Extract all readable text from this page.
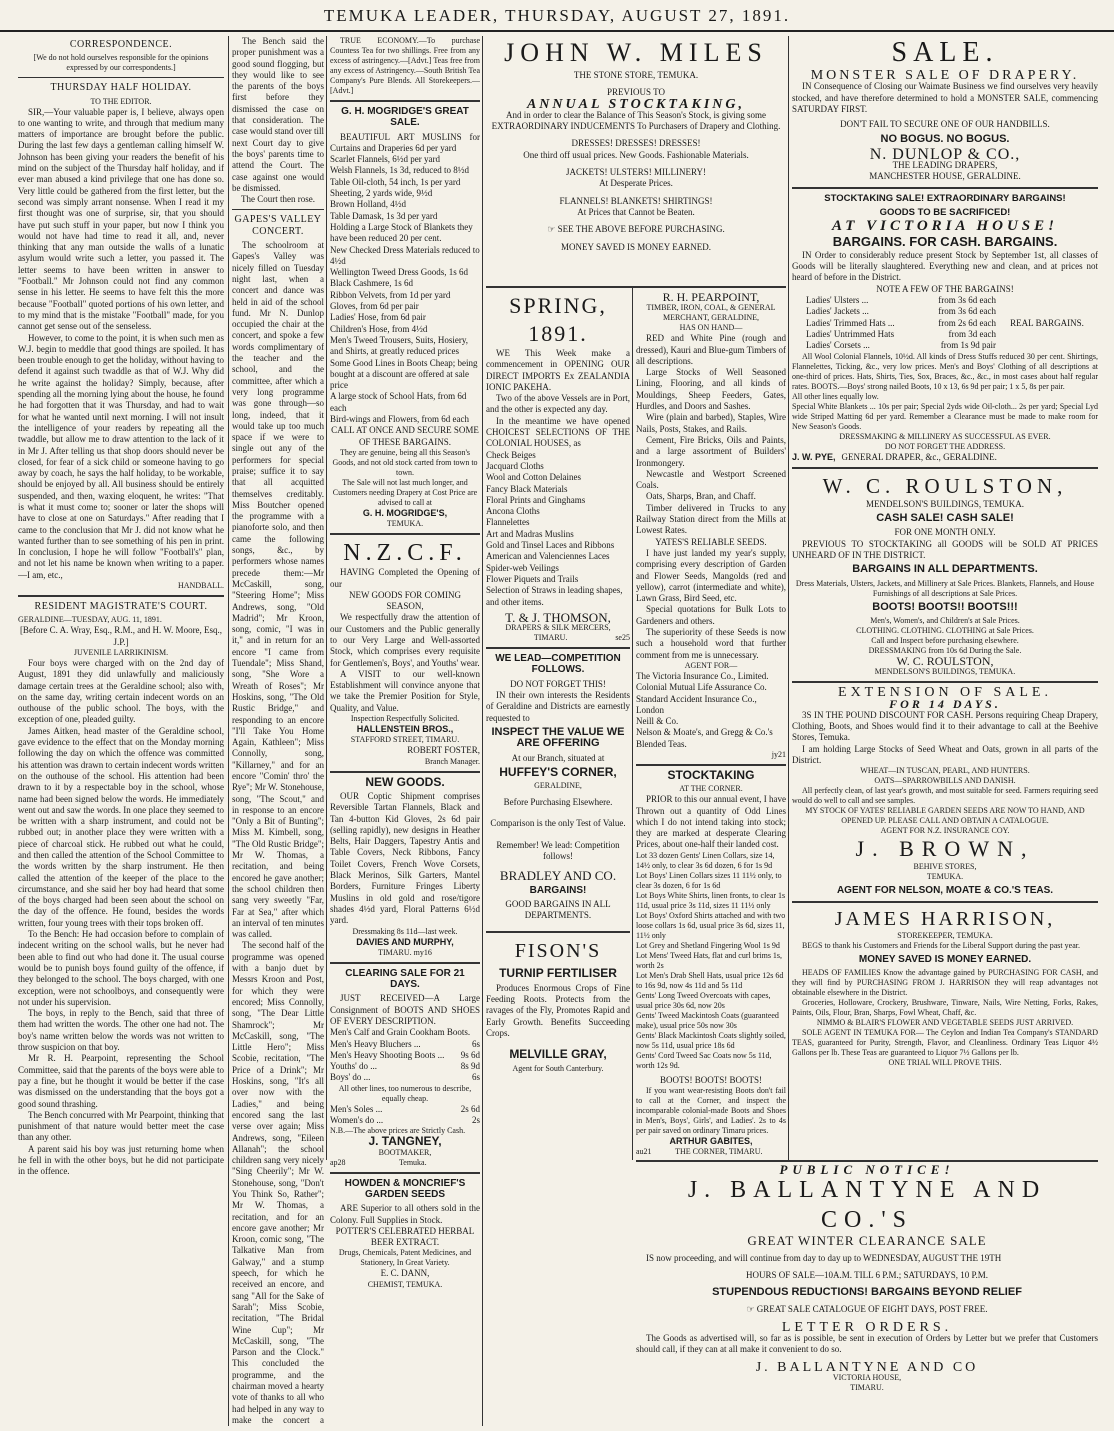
TEMUKA LEADER, THURSDAY, AUGUST 27, 1891.
CORRESPONDENCE.
[We do not hold ourselves responsible for the opinions expressed by our correspondents.]
THURSDAY HALF HOLIDAY.
TO THE EDITOR.

SIR,—Your valuable paper is, I believe, always open to one wanting to write, and through that medium many matters of importance are brought before the public. During the last few days a gentleman calling himself W. Johnson has been giving your readers the benefit of his mind on the subject of the Thursday half holiday, and if ever man abused a kind privilege that one has done so. Very little could be gathered from the first letter, but the second was simply arrant nonsense. When I read it my first thought was one of surprise, sir, that you should have put such stuff in your paper, but now I think you would not have had time to read it all, and, never thinking that any man outside the walls of a lunatic asylum would write such a letter, you passed it. The letter seems to have been written in answer to "Football." Mr Johnson could not find any common sense in his letter. He seems to have felt this the more because "Football" quoted portions of his own letter, and to my mind that is the mistake "Football" made, for you cannot get sense out of the senseless.

However, to come to the point, it is when such men as W.J. begin to meddle that good things are spoiled. It has been trouble enough to get the holiday, without having to defend it against such twaddle as that of W.J. Why did he write against the holiday? Simply, because, after spending all the morning lying about the house, he found he had forgotten that it was Thursday, and had to wait for what he wanted until next morning. I will not insult the intelligence of your readers by repeating all the twaddle, but allow me to draw attention to the lack of it in Mr J. After telling us that shop doors should never be closed, for fear of a sick child or someone having to go away by coach, he says the half holiday, to be workable, should be enjoyed by all. All business should be entirely suspended, and then, waxing eloquent, he writes: "That is what it must come to; sooner or later the shops will have to close at one on Saturdays." After reading that I came to the conclusion that Mr J. did not know what he wanted further than to see something of his pen in print. In conclusion, I hope he will follow "Football's" plan, and not let his name be known when writing to a paper.—I am, etc.,

HANDBALL.
RESIDENT MAGISTRATE'S COURT.
GERALDINE—TUESDAY, AUG. 11, 1891.
[Before C. A. Wray, Esq., R.M., and H. W. Moore, Esq., J.P.]
JUVENILE LARRIKINISM.

Four boys were charged with on the 2nd day of August, 1891 they did unlawfully and maliciously damage certain trees at the Geraldine school; also with, on the same day, writing certain indecent words on an outhouse of the public school. The boys, with the exception of one, pleaded guilty.

James Aitken, head master of the Geraldine school, gave evidence to the effect that on the Monday morning following the day on which the offence was committed his attention was drawn to certain indecent words written on the outhouse of the school. His attention had been drawn to it by a respectable boy in the school, whose name had been signed below the words. He immediately went out and saw the words. In one place they seemed to be written with a sharp instrument, and could not be rubbed out; in another place they were written with a piece of charcoal stick. He rubbed out what he could, and then called the attention of the School Committee to the words written by the sharp instrument. He then called the attention of the keeper of the place to the circumstance, and she said her boy had heard that some of the boys charged had been seen about the school on the day of the offence. He found, besides the words written, four young trees with their tops broken off.

To the Bench: He had occasion before to complain of indecent writing on the school walls, but he never had been able to find out who had done it. The usual course would be to punish boys found guilty of the offence, if they belonged to the school. The boys charged, with one exception, were not schoolboys, and consequently were not under his supervision.

The boys, in reply to the Bench, said that three of them had written the words. The other one had not. The boy's name written below the words was not written to throw suspicion on that boy.

Mr R. H. Pearpoint, representing the School Committee, said that the parents of the boys were able to pay a fine, but he thought it would be better if the case was dismissed on the understanding that the boys got a good sound thrashing.

The Bench concurred with Mr Pearpoint, thinking that punishment of that nature would better meet the case than any other.

A parent said his boy was just returning home when he fell in with the other boys, but he did not participate in the offence.

The Bench said the proper punishment was a good sound flogging, but they would like to see the parents of the boys first before they dismissed the case on that consideration. The case would stand over till next Court day to give the boys' parents time to attend the Court. The case against one would be dismissed.

The Court then rose.
GAPES'S VALLEY CONCERT.

The schoolroom at Gapes's Valley was nicely filled on Tuesday night last, when a concert and dance was held in aid of the school fund. Mr N. Dunlop occupied the chair at the concert, and spoke a few words complimentary of the teacher and the school, and the committee, after which a very long programme was gone through—so long, indeed, that it would take up too much space if we were to single out any of the performers for special praise; suffice it to say that all acquitted themselves creditably. Miss Boutcher opened the programme with a pianoforte solo, and then came the following songs, &c., by performers whose names precede them:—Mr McCaskill, song, "Steering Home"; Miss Andrews, song, "Old Madrid"; Mr Kroon, song, comic, "I was in it," and in return for an encore "I came from Tuendale"; Miss Shand, song, "She Wore a Wreath of Roses"; Mr Hoskins, song, "The Old Rustic Bridge," and responding to an encore "I'll Take You Home Again, Kathleen"; Miss Connolly, song, "Killarney," and for an encore "Comin' thro' the Rye"; Mr W. Stonehouse, song, "The Scout," and in response to an encore "Only a Bit of Bunting"; Miss M. Kimbell, song, "The Old Rustic Bridge"; Mr W. Thomas, a recitation, and being encored he gave another; the school children then sang very sweetly "Far, Far at Sea," after which an interval of ten minutes was called.

The second half of the programme was opened with a banjo duet by Messrs Kroon and Post, for which they were encored; Miss Connolly, song, "The Dear Little Shamrock"; Mr McCaskill, song, "The Little Hero"; Miss Scobie, recitation, "The Price of a Drink"; Mr Hoskins, song, "It's all over now with the Ladies," and being encored sang the last verse over again; Miss Andrews, song, "Eileen Allanah"; the school children sang very nicely "Sing Cheerily"; Mr W. Stonehouse, song, "Don't You Think So, Rather"; Mr W. Thomas, a recitation, and for an encore gave another; Mr Kroon, comic song, "The Talkative Man from Galway," and a stump speech, for which he received an encore, and sang "All for the Sake of Sarah"; Miss Scobie, recitation, "The Bridal Wine Cup"; Mr McCaskill, song, "The Parson and the Clock." This concluded the programme, and the chairman moved a hearty vote of thanks to all who had helped in any way to make the concert a

TRUE ECONOMY.—To purchase Countess Tea for two shillings. Free from any excess of astringency.—[Advt.] Teas free from any excess of Astringency.—South British Tea Company's Pure Blends. All Storekeepers.—[Advt.]

G. H. MOGRIDGE'S GREAT SALE.

BEAUTIFUL ART MUSLINS for Curtains and Draperies 6d per yard

Scarlet Flannels, 6½d per yard
Welsh Flannels, 1s 3d, reduced to 8½d
Table Oil-cloth, 54 inch, 1s per yard
Sheeting, 2 yards wide, 9½d
Brown Holland, 4½d
Table Damask, 1s 3d per yard
Holding a Large Stock of Blankets they have been reduced 20 per cent.
New Checked Dress Materials reduced to 4½d
Wellington Tweed Dress Goods, 1s 6d
Black Cashmere, 1s 6d
Ribbon Velvets, from 1d per yard
Gloves, from 6d per pair
Ladies' Hose, from 6d pair
Children's Hose, from 4½d
Men's Tweed Trousers, Suits, Hosiery, and Shirts, at greatly reduced prices
Some Good Lines in Boots Cheap; being bought at a discount are offered at sale price
A large stock of School Hats, from 6d each
Bird-wings and Flowers, from 6d each
CALL AT ONCE AND SECURE SOME OF THESE BARGAINS.
They are genuine, being all this Season's Goods, and not old stock carted from town to town.
The Sale will not last much longer, and Customers needing Drapery at Cost Price are advised to call at
G. H. MOGRIDGE'S,
TEMUKA.
N.Z.C.F.

HAVING Completed the Opening of our

NEW GOODS FOR COMING SEASON,

We respectfully draw the attention of our Customers and the Public generally to our Very Large and Well-assorted Stock, which comprises every requisite for Gentlemen's, Boys', and Youths' wear.

A VISIT to our well-known Establishment will convince anyone that we take the Premier Position for Style, Quality, and Value.

Inspection Respectfully Solicited.
HALLENSTEIN BROS.,
STAFFORD STREET, TIMARU.
ROBERT FOSTER,
Branch Manager.
NEW GOODS.

OUR Coptic Shipment comprises Reversible Tartan Flannels, Black and Tan 4-button Kid Gloves, 2s 6d pair (selling rapidly), new designs in Heather Belts, Hair Daggers, Tapestry Antis and Table Covers, Neck Ribbons, Fancy Toilet Covers, French Wove Corsets, Black Merinos, Silk Garters, Mantel Borders, Furniture Fringes Liberty Muslins in old gold and rose/tigore shades 4½d yard, Floral Patterns 6½d yard.

Dressmaking 8s 11d—last week.
DAVIES AND MURPHY,
TIMARU. my16
CLEARING SALE FOR 21 DAYS.

JUST RECEIVED—A Large Consignment of BOOTS AND SHOES OF EVERY DESCRIPTION.

Men's Calf and Grain Cookham Boots.
Men's Heavy Bluchers ...	6s
Men's Heavy Shooting Boots ... 9s 6d
Youths' do ...	8s 9d
Boys' do ...	6s
All other lines, too numerous to describe, equally cheap.
Men's Soles ...	2s 6d
Women's do ...	2s
N.B.—The above prices are Strictly Cash.
J. TANGNEY,
BOOTMAKER,
ap28	Temuka.
HOWDEN & MONCRIEF'S GARDEN SEEDS

ARE Superior to all others sold in the Colony. Full Supplies in Stock.

POTTER'S CELEBRATED HERBAL BEER EXTRACT.
Drugs, Chemicals, Patent Medicines, and Stationery, In Great Variety.
E. C. DANN,
CHEMIST, TEMUKA.
JOHN W. MILES
THE STONE STORE, TEMUKA.
PREVIOUS TO
ANNUAL STOCKTAKING,
And in order to clear the Balance of This Season's Stock, is giving some EXTRAORDINARY INDUCEMENTS To Purchasers of Drapery and Clothing.
DRESSES! DRESSES! DRESSES!
One third off usual prices. New Goods. Fashionable Materials.
JACKETS! ULSTERS! MILLINERY!
At Desperate Prices.
FLANNELS! BLANKETS! SHIRTINGS!
At Prices that Cannot be Beaten.
☞ SEE THE ABOVE BEFORE PURCHASING.
MONEY SAVED IS MONEY EARNED.
SPRING, 1891.

WE This Week make a commencement in OPENING OUR DIRECT IMPORTS Ex ZEALANDIA IONIC PAKEHA.

Two of the above Vessels are in Port, and the other is expected any day.

In the meantime we have opened CHOICEST SELECTIONS OF THE COLONIAL HOUSES, as

Check Beiges
Jacquard Cloths
Wool and Cotton Delaines
Fancy Black Materials
Floral Prints and Ginghams
Ancona Cloths
Flannelettes
Art and Madras Muslins
Gold and Tinsel Laces and Ribbons
American and Valenciennes Laces
Spider-web Veilings
Flower Piquets and Trails
Selection of Straws in leading shapes, and other items.
T. & J. THOMSON,
DRAPERS & SILK MERCERS,
TIMARU.	se25
WE LEAD—COMPETITION FOLLOWS.
DO NOT FORGET THIS!

IN their own interests the Residents of Geraldine and Districts are earnestly requested to

INSPECT THE VALUE WE ARE OFFERING
At our Branch, situated at
HUFFEY'S CORNER,
GERALDINE,
Before Purchasing Elsewhere.
Comparison is the only Test of Value.
Remember! We lead: Competition follows!
BRADLEY AND CO.
BARGAINS!
GOOD BARGAINS IN ALL DEPARTMENTS.
FISON'S
TURNIP FERTILISER

Produces Enormous Crops of Fine Feeding Roots. Protects from the ravages of the Fly, Promotes Rapid and Early Growth. Benefits Succeeding Crops.

MELVILLE GRAY,
Agent for South Canterbury.
R. H. PEARPOINT,
TIMBER, IRON, COAL, & GENERAL MERCHANT, GERALDINE,
HAS ON HAND—

RED and White Pine (rough and dressed), Kauri and Blue-gum Timbers of all descriptions.

Large Stocks of Well Seasoned Lining, Flooring, and all kinds of Mouldings, Sheep Feeders, Gates, Hurdles, and Doors and Sashes.

Wire (plain and barbed), Staples, Wire Nails, Posts, Stakes, and Rails.

Cement, Fire Bricks, Oils and Paints, and a large assortment of Builders' Ironmongery.

Newcastle and Westport Screened Coals.

Oats, Sharps, Bran, and Chaff.

Timber delivered in Trucks to any Railway Station direct from the Mills at Lowest Rates.

YATES'S RELIABLE SEEDS.

I have just landed my year's supply, comprising every description of Garden and Flower Seeds, Mangolds (red and yellow), carrot (intermediate and white), Lawn Grass, Bird Seed, etc.

Special quotations for Bulk Lots to Gardeners and others.

The superiority of these Seeds is now such a household word that further comment from me is unnecessary.

AGENT FOR—
The Victoria Insurance Co., Limited.
Colonial Mutual Life Assurance Co.
Standard Accident Insurance Co., London
Neill & Co.
Nelson & Moate's, and Gregg & Co.'s Blended Teas.
jy21
STOCKTAKING
AT THE CORNER.

PRIOR to this our annual event, I have Thrown out a quantity of Odd Lines which I do not intend taking into stock; they are marked at desperate Clearing Prices, about one-half their landed cost.

Lot 33 dozen Gents' Linen Collars, size 14, 14½ only, to clear 3s 6d dozen, 6 for 1s 9d
Lot Boys' Linen Collars sizes 11 11½ only, to clear 3s dozen, 6 for 1s 6d
Lot Boys White Shirts, linen fronts, to clear 1s 11d, usual price 3s 11d, sizes 11 11½ only
Lot Boys' Oxford Shirts attached and with two loose collars 1s 6d, usual price 3s 6d, sizes 11, 11½ only
Lot Grey and Shetland Fingering Wool 1s 9d
Lot Mens' Tweed Hats, flat and curl brims 1s, worth 2s
Lot Men's Drab Shell Hats, usual price 12s 6d to 16s 9d, now 4s 11d and 5s 11d
Gents' Long Tweed Overcoats with capes, usual price 30s 6d, now 20s
Gents' Tweed Mackintosh Coats (guaranteed make), usual price 50s now 30s
Gents' Black Mackintosh Coats slightly soiled, now 5s 11d, usual price 18s 6d
Gents' Cord Tweed Sac Coats now 5s 11d, worth 12s 9d.
BOOTS! BOOTS! BOOTS!

If you want wear-resisting Boots don't fail to call at the Corner, and inspect the incomparable colonial-made Boots and Shoes in Men's, Boys', Girls', and Ladies'. 2s to 4s per pair saved on ordinary Timaru prices.

ARTHUR GABITES,
au21	THE CORNER, TIMARU.

SALE.
MONSTER SALE OF DRAPERY.

IN Consequence of Closing our Waimate Business we find ourselves very heavily stocked, and have therefore determined to hold a MONSTER SALE, commencing SATURDAY FIRST.

DON'T FAIL TO SECURE ONE OF OUR HANDBILLS.
NO BOGUS. NO BOGUS.
N. DUNLOP & CO.,
THE LEADING DRAPERS,
MANCHESTER HOUSE, GERALDINE.
STOCKTAKING SALE! EXTRAORDINARY BARGAINS!
GOODS TO BE SACRIFICED!
AT VICTORIA HOUSE!
BARGAINS. FOR CASH. BARGAINS.

IN Order to considerably reduce present Stock by September 1st, all classes of Goods will be literally slaughtered. Everything new and clean, and at prices not heard of before in the District.

NOTE A FEW OF THE BARGAINS!
Ladies' Ulsters ...	from 3s 6d each
Ladies' Jackets ...	from 3s 6d each
Ladies' Trimmed Hats ...	from 2s 6d each
Ladies' Untrimmed Hats	from 3d each
Ladies' Corsets ...	from 1s 9d pair
REAL BARGAINS.

All Wool Colonial Flannels, 10½d. All kinds of Dress Stuffs reduced 30 per cent. Shirtings, Flannelettes, Ticking, &c., very low prices. Men's and Boys' Clothing of all descriptions at one-third of prices. Hats, Shirts, Ties, Sox, Braces, &c., &c., in most cases about half regular rates. BOOTS.—Boys' strong nailed Boots, 10 x 13, 6s 9d per pair; 1 x 5, 8s per pair.

All other lines equally low.
Special White Blankets ... 10s per pair; Special 2yds wide Oil-cloth... 2s per yard; Special Lyd wide Striped Matting 6d per yard. Remember a Clearance must be made to make room for New Season's Goods.
DRESSMAKING & MILLINERY AS SUCCESSFUL AS EVER.
DO NOT FORGET THE ADDRESS.
J. W. PYE, GENERAL DRAPER, &c., GERALDINE.
W. C. ROULSTON,
MENDELSON'S BUILDINGS, TEMUKA.
CASH SALE! CASH SALE!
FOR ONE MONTH ONLY.

PREVIOUS TO STOCKTAKING all GOODS will be SOLD AT PRICES UNHEARD OF IN THE DISTRICT.

BARGAINS IN ALL DEPARTMENTS.
Dress Materials, Ulsters, Jackets, and Millinery at Sale Prices. Blankets, Flannels, and House Furnishings of all descriptions at Sale Prices.
BOOTS! BOOTS!! BOOTS!!!
Men's, Women's, and Children's at Sale Prices.
CLOTHING. CLOTHING. CLOTHING at Sale Prices.
Call and Inspect before purchasing elsewhere.
DRESSMAKING from 10s 6d During the Sale.
W. C. ROULSTON,
MENDELSON'S BUILDINGS, TEMUKA.
EXTENSION OF SALE.
FOR 14 DAYS.

3S IN THE POUND DISCOUNT FOR CASH. Persons requiring Cheap Drapery, Clothing, Boots, and Shoes would find it to their advantage to call at the Beehive Stores, Temuka.

I am holding Large Stocks of Seed Wheat and Oats, grown in all parts of the District.

WHEAT—IN TUSCAN, PEARL, AND HUNTERS.
OATS—SPARROWBILLS AND DANISH.

All perfectly clean, of last year's growth, and most suitable for seed. Farmers requiring seed would do well to call and see samples.

MY STOCK OF YATES' RELIABLE GARDEN SEEDS ARE NOW TO HAND, AND OPENED UP. PLEASE CALL AND OBTAIN A CATALOGUE.
AGENT FOR N.Z. INSURANCE COY.
J. BROWN,
BEHIVE STORES,
TEMUKA.
AGENT FOR NELSON, MOATE & CO.'S TEAS.
JAMES HARRISON,
STOREKEEPER, TEMUKA.

BEGS to thank his Customers and Friends for the Liberal Support during the past year.

MONEY SAVED IS MONEY EARNED.

HEADS OF FAMILIES Know the advantage gained by PURCHASING FOR CASH, and they will find by PURCHASING FROM J. HARRISON they will reap advantages not obtainable elsewhere in the District.

Groceries, Holloware, Crockery, Brushware, Tinware, Nails, Wire Netting, Forks, Rakes, Paints, Oils, Flour, Bran, Sharps, Fowl Wheat, Chaff, &c.

NIMMO & BLAIR'S FLOWER AND VEGETABLE SEEDS JUST ARRIVED.

SOLE AGENT IN TEMUKA FOR— The Ceylon and Indian Tea Company's STANDARD TEAS, guaranteed for Purity, Strength, Flavor, and Cleanliness. Ordinary Teas Liquor 4½ Gallons per lb. These Teas are guaranteed to Liquor 7½ Gallons per lb.

ONE TRIAL WILL PROVE THIS.
PUBLIC NOTICE!
J. BALLANTYNE AND CO.'S
GREAT WINTER CLEARANCE SALE

IS now proceeding, and will continue from day to day up to WEDNESDAY, AUGUST THE 19TH

HOURS OF SALE—10A.M. TILL 6 P.M.; SATURDAYS, 10 P.M.
STUPENDOUS REDUCTIONS! BARGAINS BEYOND RELIEF
☞ GREAT SALE CATALOGUE OF EIGHT DAYS, POST FREE.
LETTER ORDERS.

The Goods as advertised will, so far as is possible, be sent in execution of Orders by Letter but we prefer that Customers should call, if they can at all make it convenient to do so.

J. BALLANTYNE AND CO
VICTORIA HOUSE,
TIMARU.
